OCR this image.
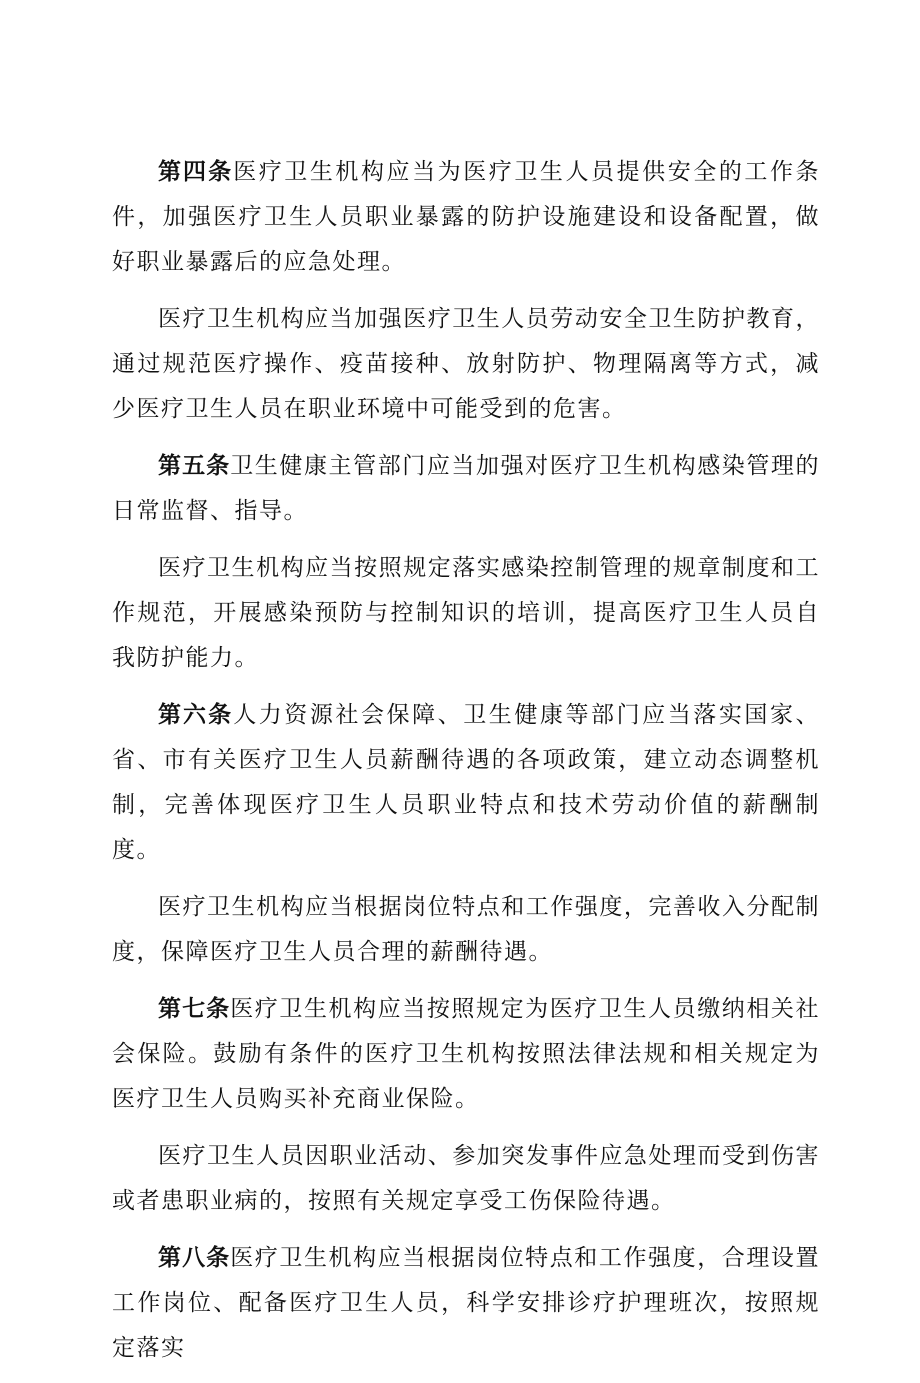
第四条医疗卫生机构应当为医疗卫生人员提供安全的工作条件，加强医疗卫生人员职业暴露的防护设施建设和设备配置，做好职业暴露后的应急处理。

医疗卫生机构应当加强医疗卫生人员劳动安全卫生防护教育，通过规范医疗操作、疫苗接种、放射防护、物理隔离等方式，减少医疗卫生人员在职业环境中可能受到的危害。

第五条卫生健康主管部门应当加强对医疗卫生机构感染管理的日常监督、指导。

医疗卫生机构应当按照规定落实感染控制管理的规章制度和工作规范，开展感染预防与控制知识的培训，提高医疗卫生人员自我防护能力。

第六条人力资源社会保障、卫生健康等部门应当落实国家、省、市有关医疗卫生人员薪酬待遇的各项政策，建立动态调整机制，完善体现医疗卫生人员职业特点和技术劳动价值的薪酬制度。

医疗卫生机构应当根据岗位特点和工作强度，完善收入分配制度，保障医疗卫生人员合理的薪酬待遇。

第七条医疗卫生机构应当按照规定为医疗卫生人员缴纳相关社会保险。鼓励有条件的医疗卫生机构按照法律法规和相关规定为医疗卫生人员购买补充商业保险。

医疗卫生人员因职业活动、参加突发事件应急处理而受到伤害或者患职业病的，按照有关规定享受工伤保险待遇。

第八条医疗卫生机构应当根据岗位特点和工作强度，合理设置工作岗位、配备医疗卫生人员，科学安排诊疗护理班次，按照规定落实
